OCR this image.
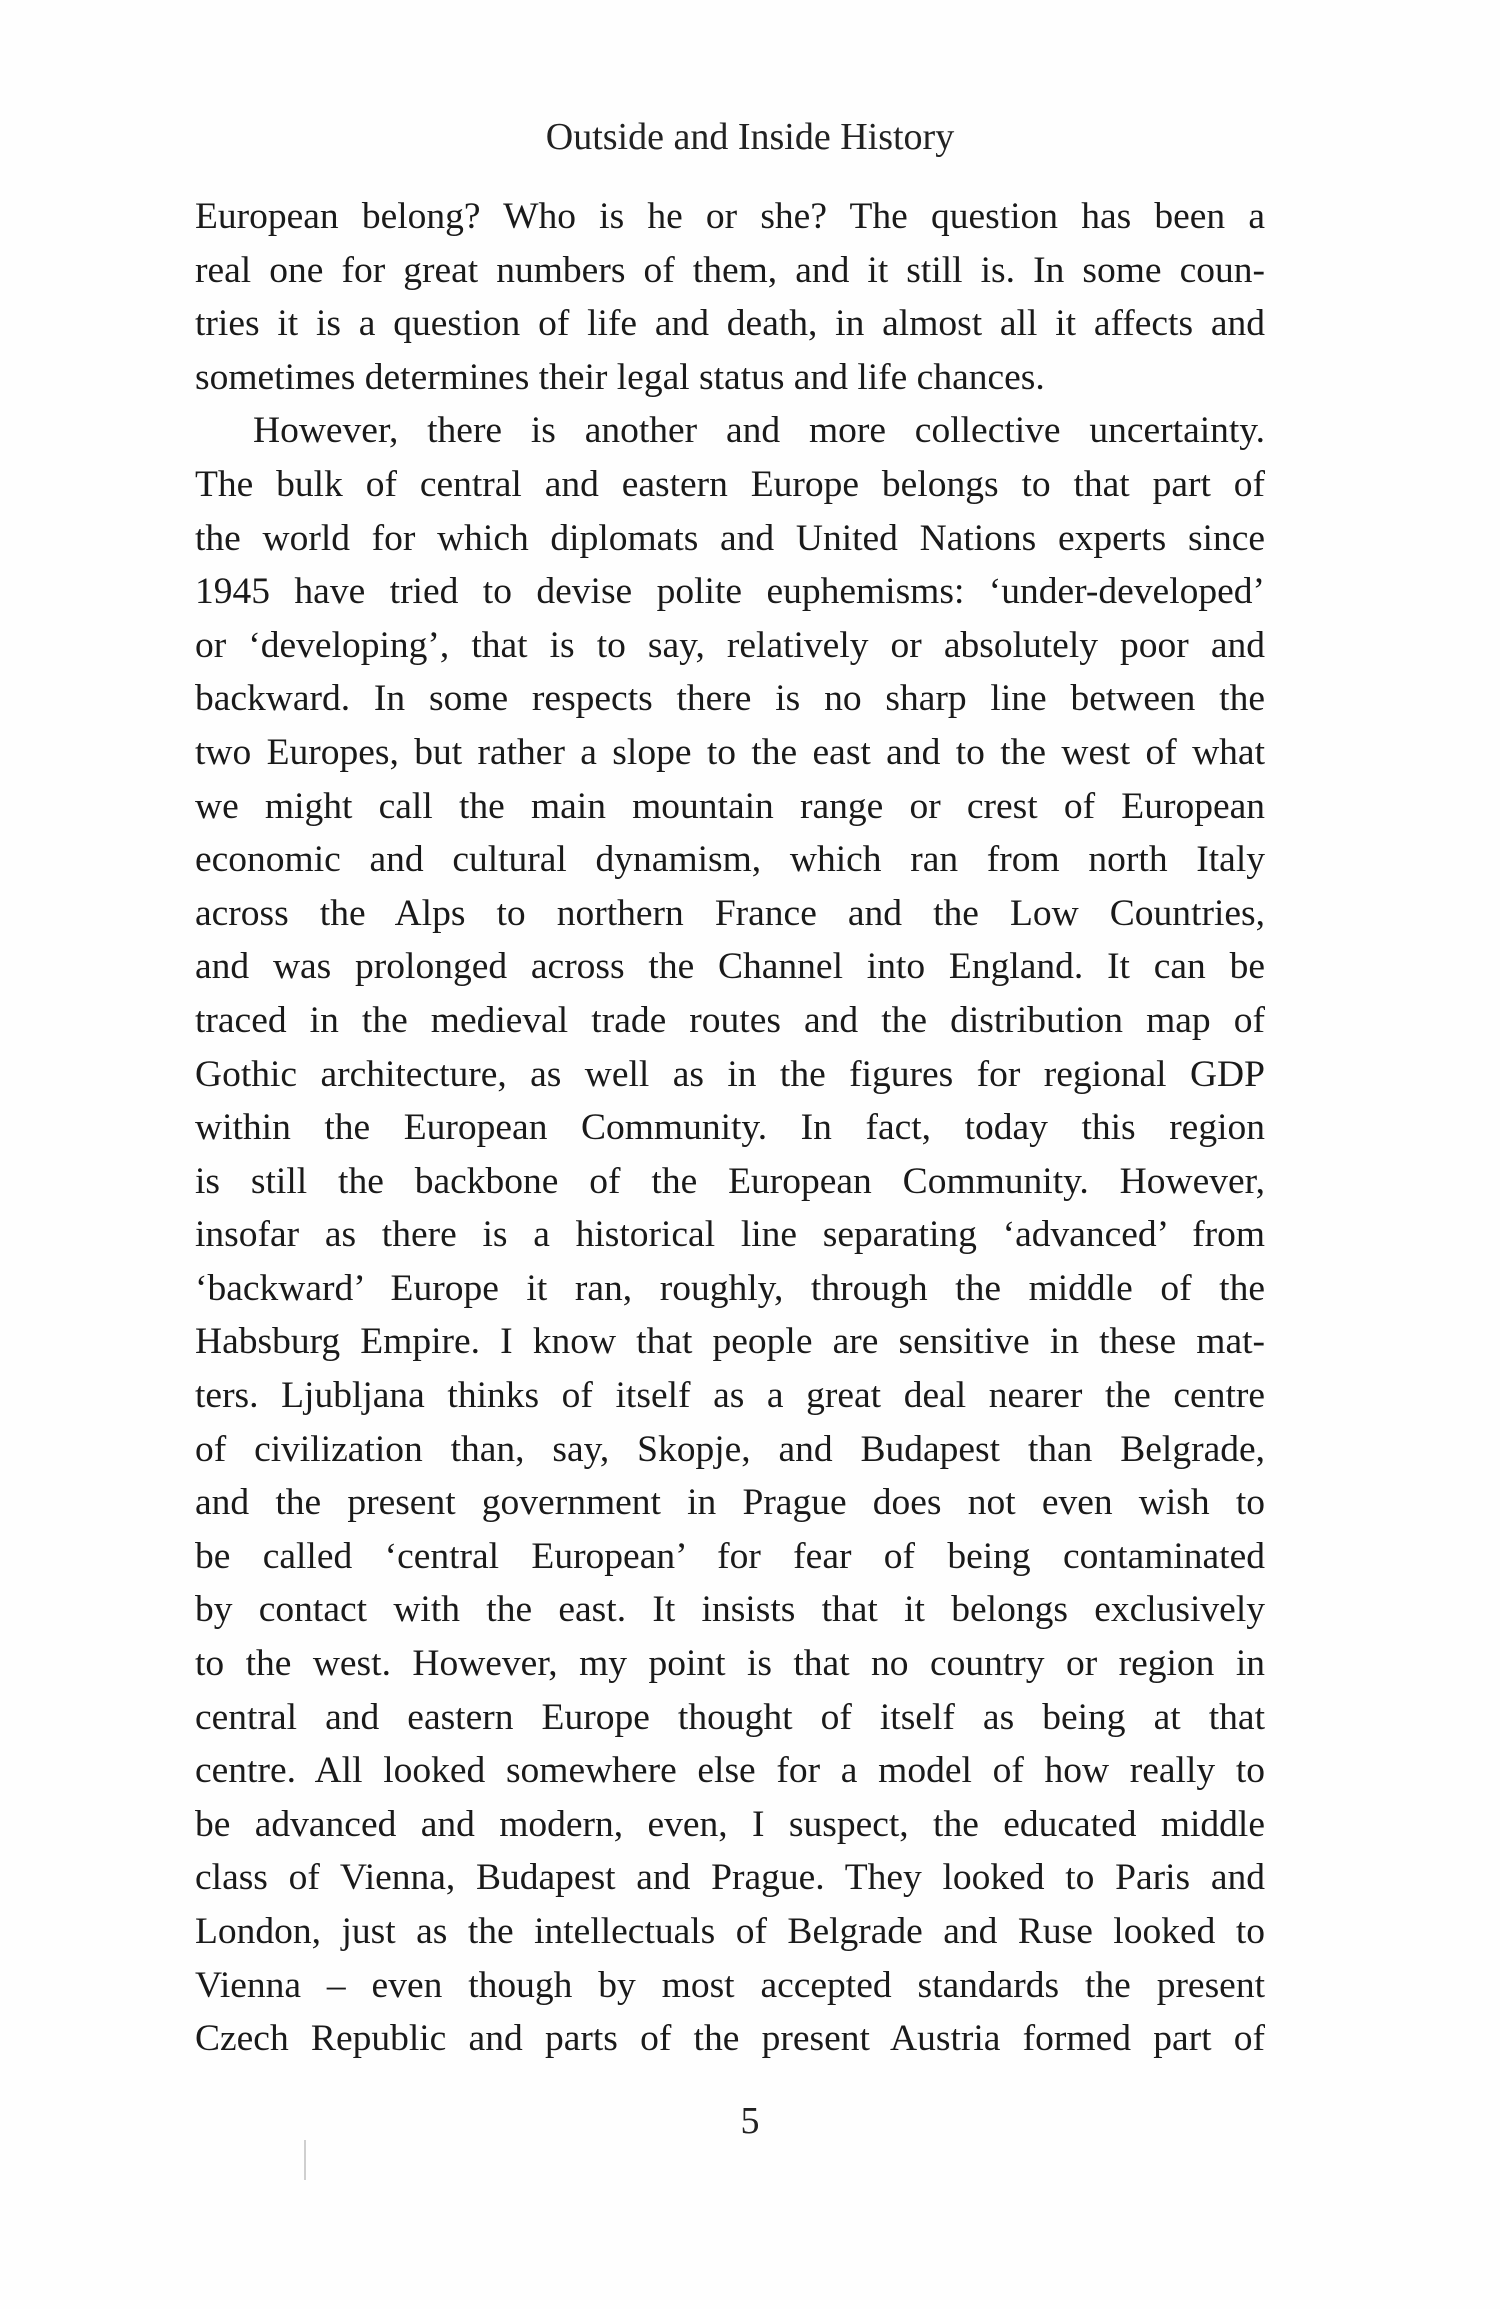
Outside and Inside History
European belong? Who is he or she? The question has been a
real one for great numbers of them, and it still is. In some coun-
tries it is a question of life and death, in almost all it affects and
sometimes determines their legal status and life chances.
However, there is another and more collective uncertainty.
The bulk of central and eastern Europe belongs to that part of
the world for which diplomats and United Nations experts since
1945 have tried to devise polite euphemisms: ‘under-developed’
or ‘developing’, that is to say, relatively or absolutely poor and
backward. In some respects there is no sharp line between the
two Europes, but rather a slope to the east and to the west of what
we might call the main mountain range or crest of European
economic and cultural dynamism, which ran from north Italy
across the Alps to northern France and the Low Countries,
and was prolonged across the Channel into England. It can be
traced in the medieval trade routes and the distribution map of
Gothic architecture, as well as in the figures for regional GDP
within the European Community. In fact, today this region
is still the backbone of the European Community. However,
insofar as there is a historical line separating ‘advanced’ from
‘backward’ Europe it ran, roughly, through the middle of the
Habsburg Empire. I know that people are sensitive in these mat-
ters. Ljubljana thinks of itself as a great deal nearer the centre
of civilization than, say, Skopje, and Budapest than Belgrade,
and the present government in Prague does not even wish to
be called ‘central European’ for fear of being contaminated
by contact with the east. It insists that it belongs exclusively
to the west. However, my point is that no country or region in
central and eastern Europe thought of itself as being at that
centre. All looked somewhere else for a model of how really to
be advanced and modern, even, I suspect, the educated middle
class of Vienna, Budapest and Prague. They looked to Paris and
London, just as the intellectuals of Belgrade and Ruse looked to
Vienna – even though by most accepted standards the present
Czech Republic and parts of the present Austria formed part of
5
